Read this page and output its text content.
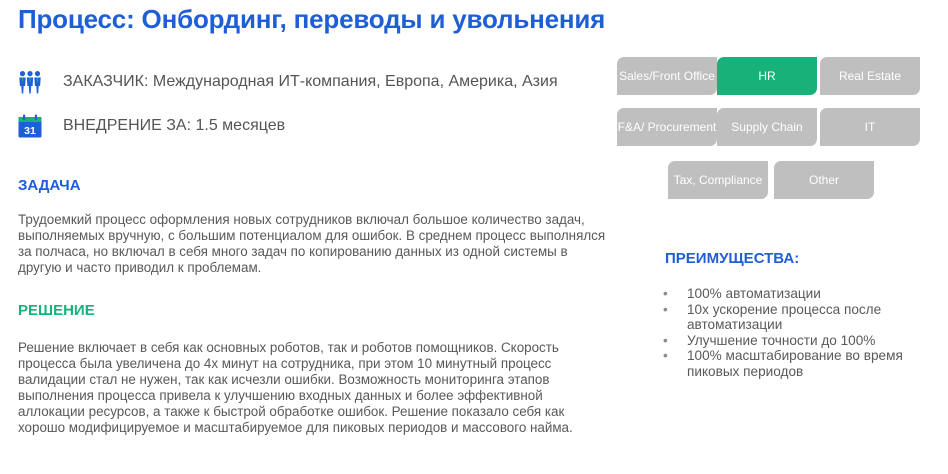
Процесс: Онбординг, переводы и увольнения
ЗАКАЗЧИК: Международная ИТ-компания, Европа, Америка, Азия
31 ВНЕДРЕНИЕ ЗА: 1.5 месяцев
ЗАДАЧА

Трудоемкий процесс оформления новых сотрудников включал большое количество задач, выполняемых вручную, с большим потенциалом для ошибок. В среднем процесс выполнялся за полчаса, но включал в себя много задач по копированию данных из одной системы в другую и часто приводил к проблемам.

РЕШЕНИЕ

Решение включает в себя как основных роботов, так и роботов помощников. Скорость процесса была увеличена до 4х минут на сотрудника, при этом 10 минутный процесс валидации стал не нужен, так как исчезли ошибки. Возможность мониторинга этапов выполнения процесса привела к улучшению входных данных и более эффективной аллокации ресурсов, а также к быстрой обработке ошибок. Решение показало себя как хорошо модифицируемое и масштабируемое для пиковых периодов и массового найма.

Sales/Front Office	HR	Real Estate
F&A/ Procurement	Supply Chain	IT
Tax, Compliance	Other
ПРЕИМУЩЕСТВА:
• 100% автоматизации
• 10x ускорение процесса после автоматизации
• Улучшение точности до 100%
• 100% масштабирование во время пиковых периодов
